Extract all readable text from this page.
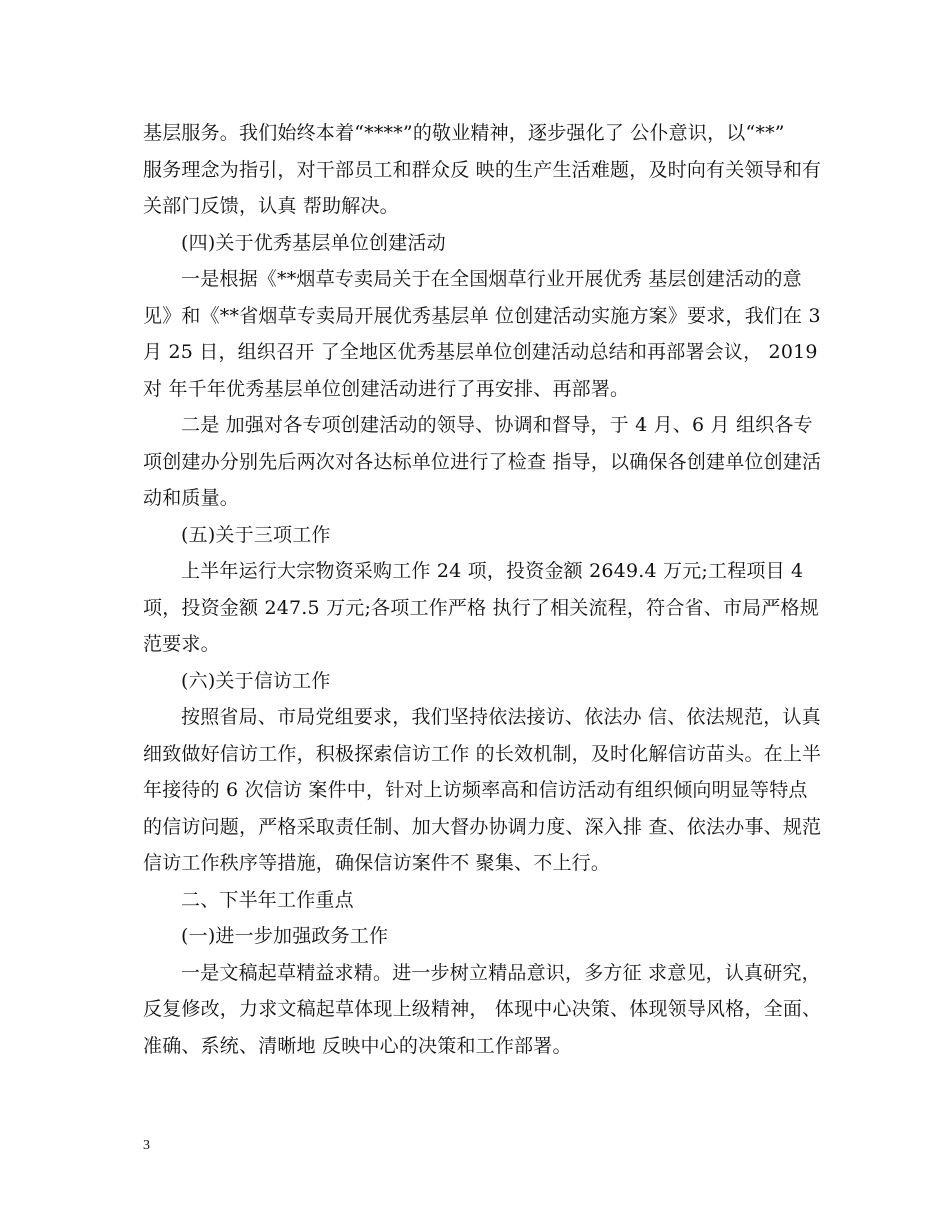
基层服务。我们始终本着“****”的敬业精神，逐步强化了 公仆意识，以“**”
服务理念为指引，对干部员工和群众反 映的生产生活难题，及时向有关领导和有
关部门反馈，认真 帮助解决。
(四)关于优秀基层单位创建活动
一是根据《**烟草专卖局关于在全国烟草行业开展优秀 基层创建活动的意
见》和《**省烟草专卖局开展优秀基层单 位创建活动实施方案》要求，我们在 3
月 25 日，组织召开 了全地区优秀基层单位创建活动总结和再部署会议， 2019
对 年千年优秀基层单位创建活动进行了再安排、再部署。
二是 加强对各专项创建活动的领导、协调和督导，于 4 月、6 月 组织各专
项创建办分别先后两次对各达标单位进行了检查 指导，以确保各创建单位创建活
动和质量。
(五)关于三项工作
上半年运行大宗物资采购工作 24 项，投资金额 2649.4 万元;工程项目 4
项，投资金额 247.5 万元;各项工作严格 执行了相关流程，符合省、市局严格规
范要求。
(六)关于信访工作
按照省局、市局党组要求，我们坚持依法接访、依法办 信、依法规范，认真
细致做好信访工作，积极探索信访工作 的长效机制，及时化解信访苗头。在上半
年接待的 6 次信访 案件中，针对上访频率高和信访活动有组织倾向明显等特点
的信访问题，严格采取责任制、加大督办协调力度、深入排 查、依法办事、规范
信访工作秩序等措施，确保信访案件不 聚集、不上行。
二、下半年工作重点
(一)进一步加强政务工作
一是文稿起草精益求精。进一步树立精品意识，多方征 求意见，认真研究，
反复修改，力求文稿起草体现上级精神， 体现中心决策、体现领导风格，全面、
准确、系统、清晰地 反映中心的决策和工作部署。
3
